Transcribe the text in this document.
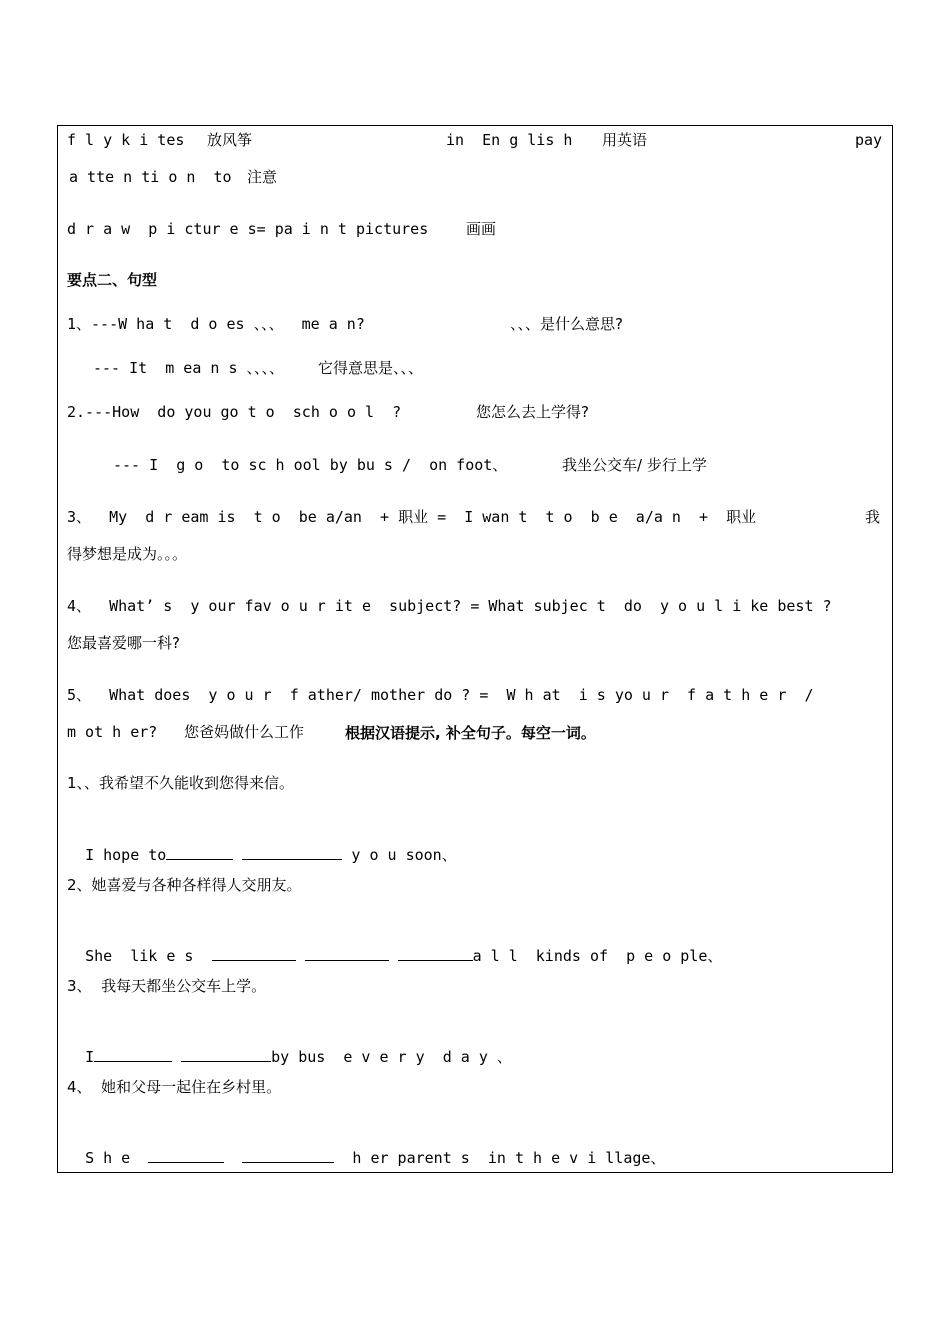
f l y k i tes 放风筝	in  En g lis h 用英语	pay
a tte n ti o n  to 注意
d r a w  p i ctur e s= pa i n t pictures	画画
要点二、句型
1、---W ha t  d o es 、、、  me a n?	、、、是什么意思?
--- It  m ea n s 、、、、 它得意思是、、、
2.---How  do you go t o  sch o o l  ?	您怎么去上学得?
--- I  g o  to sc h ool by bu s /  on foot、	我坐公交车/ 步行上学
3、  My  d r eam is  t o  be a/an  + 职业 =  I wan t  t o  b e  a/a n  +  职业	我
得梦想是成为。。。
4、  What’ s  y our fav o u r it e  subject? = What subjec t  do  y o u l i ke best ?
您最喜爱哪一科?
5、  What does  y o u r  f ather/ mother do ? =  W h at  i s yo u r  f a t h e r  /
m ot h er? 您爸妈做什么工作	根据汉语提示, 补全句子。每空一词。
1、、我希望不久能收到您得来信。

I hope to	y o u soon、

2、她喜爱与各种各样得人交朋友。

She  lik e s	a l l  kinds of  p e o ple、

3、  我每天都坐公交车上学。

I	by bus  e v e r y  d a y 、

4、  她和父母一起住在乡村里。

S h e	h er parent s  in t h e v i llage、
